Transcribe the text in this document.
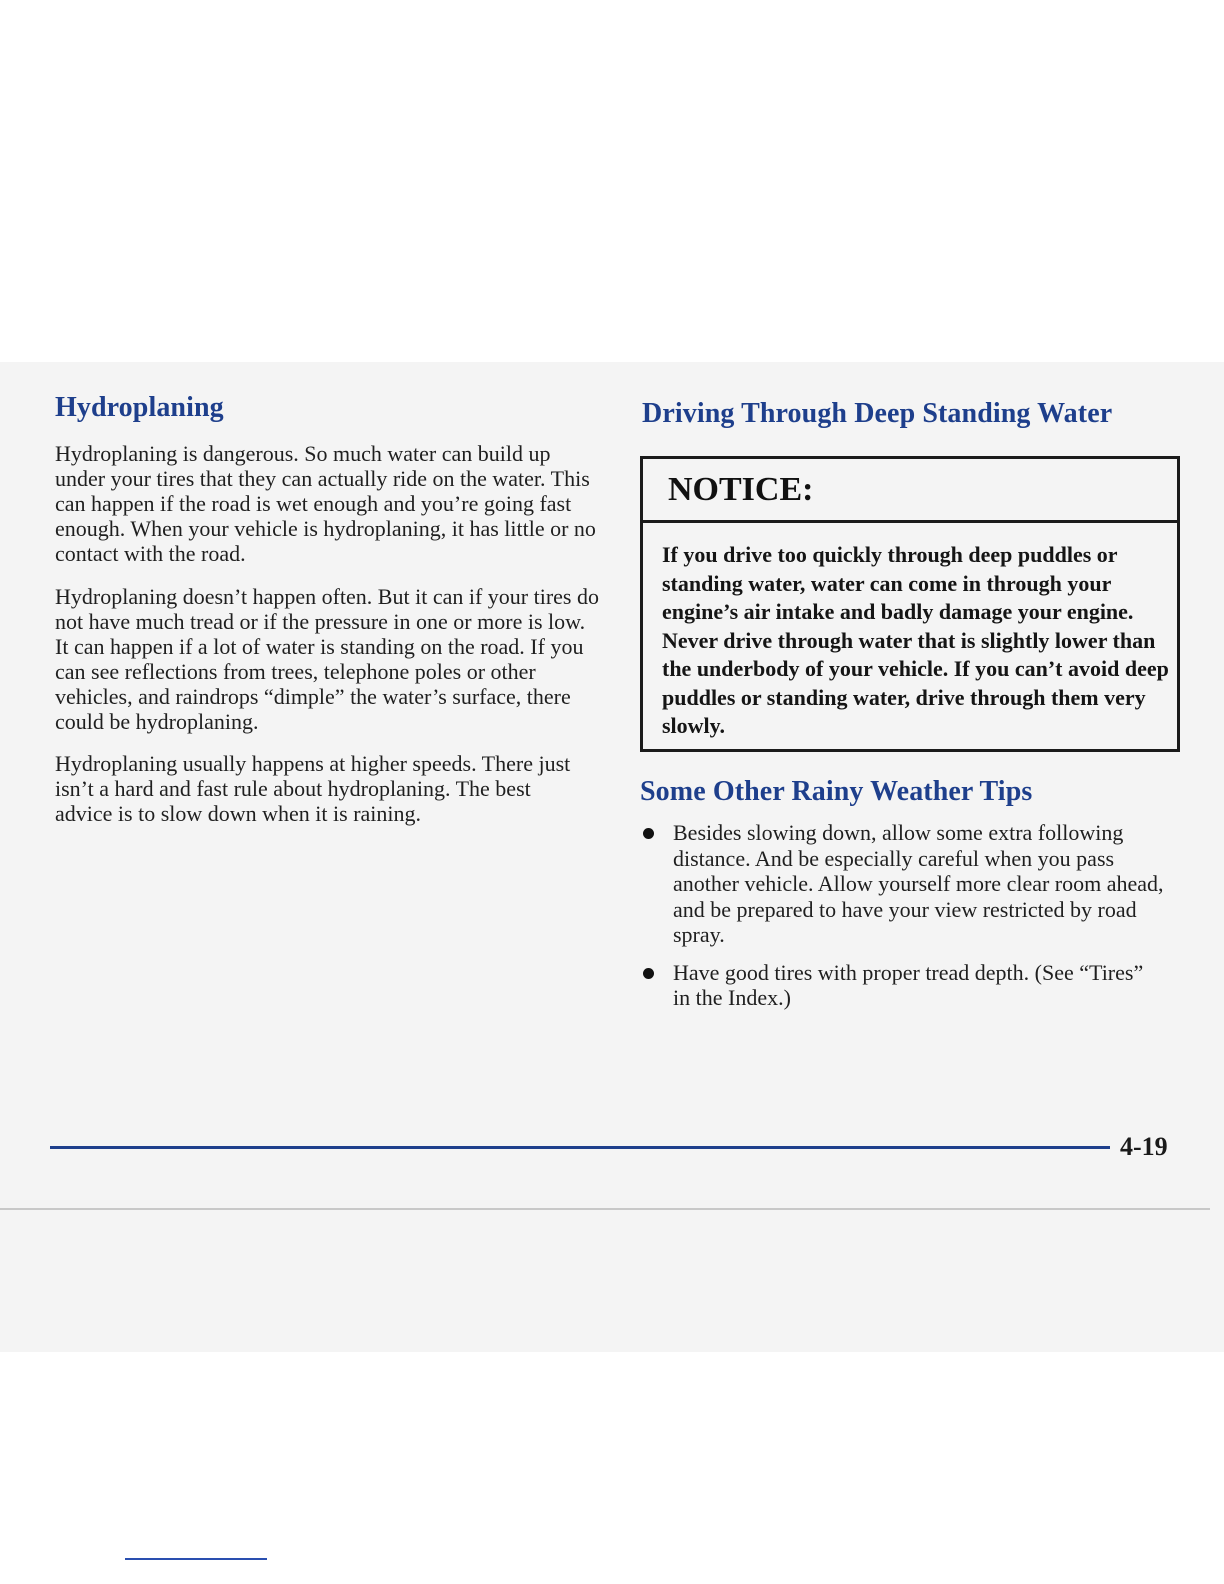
Hydroplaning

Hydroplaning is dangerous. So much water can build up under your tires that they can actually ride on the water. This can happen if the road is wet enough and you’re going fast enough. When your vehicle is hydroplaning, it has little or no contact with the road.

Hydroplaning doesn’t happen often. But it can if your tires do not have much tread or if the pressure in one or more is low. It can happen if a lot of water is standing on the road. If you can see reflections from trees, telephone poles or other vehicles, and raindrops “dimple” the water’s surface, there could be hydroplaning.

Hydroplaning usually happens at higher speeds. There just isn’t a hard and fast rule about hydroplaning. The best advice is to slow down when it is raining.

Driving Through Deep Standing Water
NOTICE:

If you drive too quickly through deep puddles or standing water, water can come in through your engine’s air intake and badly damage your engine. Never drive through water that is slightly lower than the underbody of your vehicle. If you can’t avoid deep puddles or standing water, drive through them very slowly.

Some Other Rainy Weather Tips
Besides slowing down, allow some extra following distance. And be especially careful when you pass another vehicle. Allow yourself more clear room ahead, and be prepared to have your view restricted by road spray.
Have good tires with proper tread depth. (See “Tires” in the Index.)
4-19
